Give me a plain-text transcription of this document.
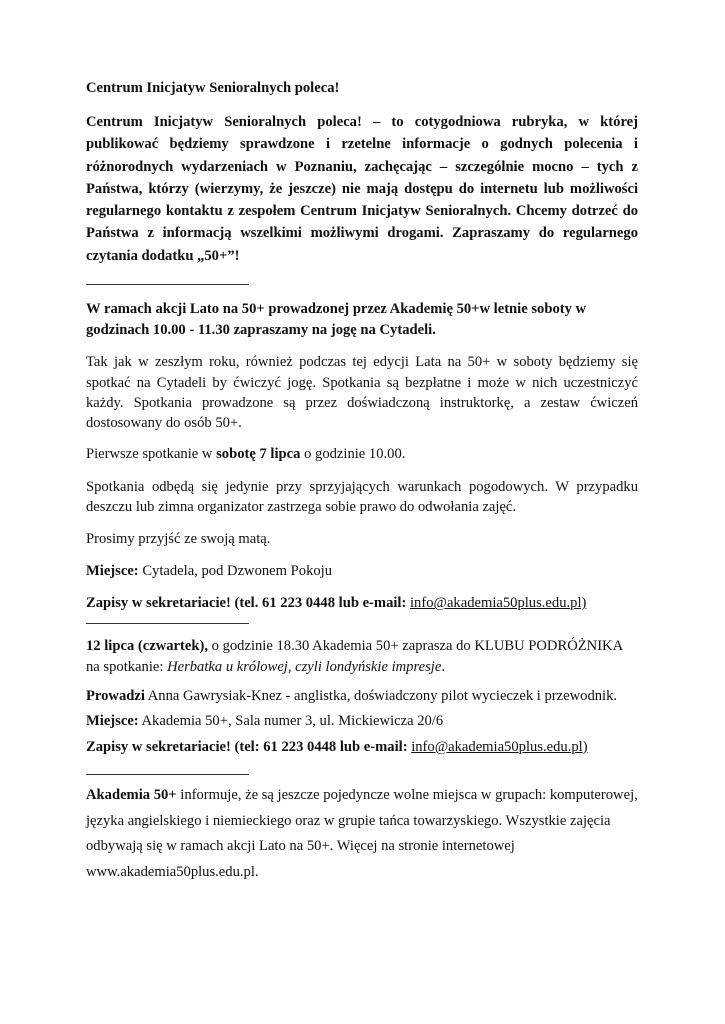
Centrum Inicjatyw Senioralnych poleca!

Centrum Inicjatyw Senioralnych poleca! – to cotygodniowa rubryka, w której publikować będziemy sprawdzone i rzetelne informacje o godnych polecenia i różnorodnych wydarzeniach w Poznaniu, zachęcając – szczególnie mocno – tych z Państwa, którzy (wierzymy, że jeszcze) nie mają dostępu do internetu lub możliwości regularnego kontaktu z zespołem Centrum Inicjatyw Senioralnych. Chcemy dotrzeć do Państwa z informacją wszelkimi możliwymi drogami. Zapraszamy do regularnego czytania dodatku „50+”!

W ramach akcji Lato na 50+ prowadzonej przez Akademię 50+w letnie soboty w godzinach 10.00 - 11.30 zapraszamy na jogę na Cytadeli.

Tak jak w zeszłym roku, również podczas tej edycji Lata na 50+ w soboty będziemy się spotkać na Cytadeli by ćwiczyć jogę. Spotkania są bezpłatne i może w nich uczestniczyć każdy. Spotkania prowadzone są przez doświadczoną instruktorkę, a zestaw ćwiczeń dostosowany do osób 50+.

Pierwsze spotkanie w sobotę 7 lipca o godzinie 10.00.

Spotkania odbędą się jedynie przy sprzyjających warunkach pogodowych. W przypadku deszczu lub zimna organizator zastrzega sobie prawo do odwołania zajęć.

Prosimy przyjść ze swoją matą.

Miejsce: Cytadela, pod Dzwonem Pokoju

Zapisy w sekretariacie! (tel. 61 223 0448 lub e-mail: info@akademia50plus.edu.pl)

12 lipca (czwartek), o godzinie 18.30 Akademia 50+ zaprasza do KLUBU PODRÓŻNIKA na spotkanie: Herbatka u królowej, czyli londyńskie impresje.

Prowadzi Anna Gawrysiak-Knez - anglistka, doświadczony pilot wycieczek i przewodnik.

Miejsce: Akademia 50+, Sala numer 3, ul. Mickiewicza 20/6

Zapisy w sekretariacie! (tel: 61 223 0448 lub e-mail: info@akademia50plus.edu.pl)

Akademia 50+ informuje, że są jeszcze pojedyncze wolne miejsca w grupach: komputerowej, języka angielskiego i niemieckiego oraz w grupie tańca towarzyskiego. Wszystkie zajęcia odbywają się w ramach akcji Lato na 50+. Więcej na stronie internetowej www.akademia50plus.edu.pl.
